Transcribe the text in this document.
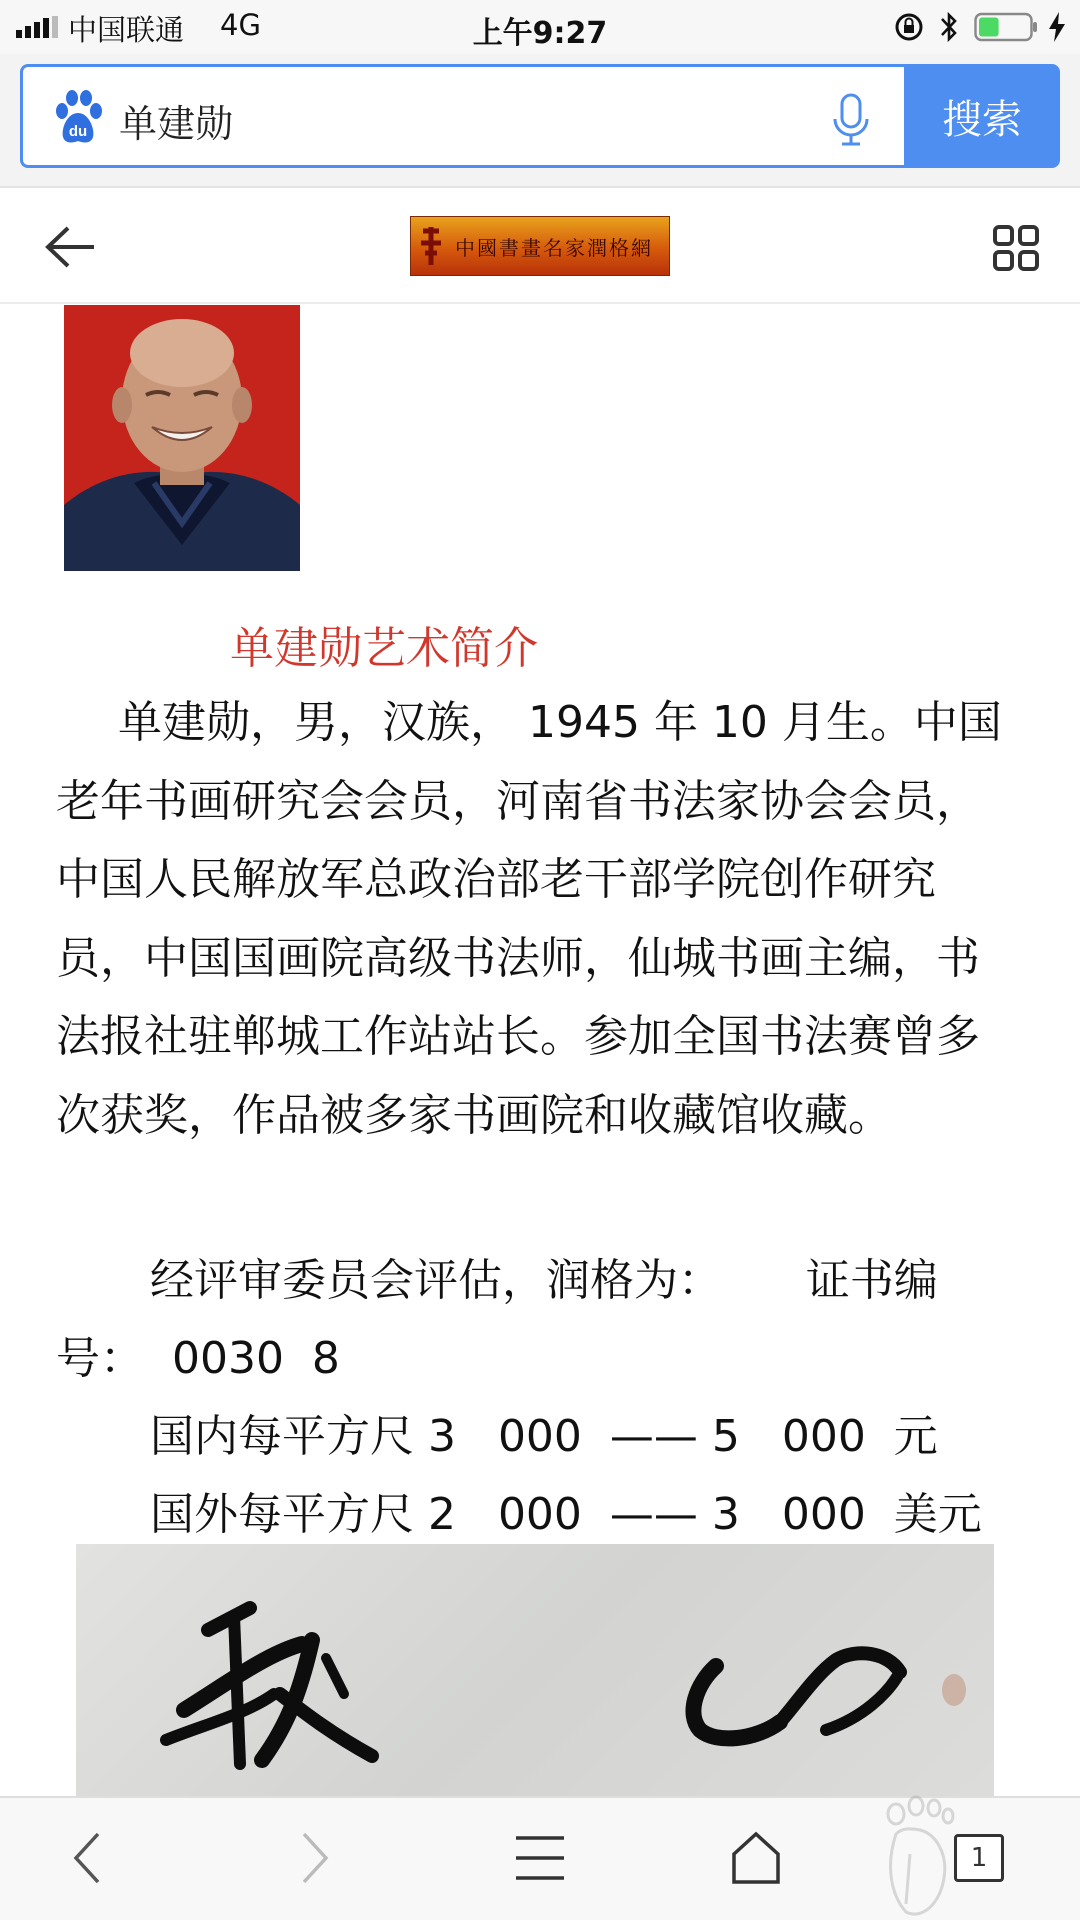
中国联通 4G	上午9:27
du 单建勋	搜索
中國書畫名家潤格網
单建勋艺术简介

单建勋，男，汉族， 1945 年 10 月生。中国老年书画研究会会员，河南省书法家协会会员，中国人民解放军总政治部老干部学院创作研究员，中国国画院高级书法师，仙城书画主编，书法报社驻郸城工作站站长。参加全国书法赛曾多次获奖，作品被多家书画院和收藏馆收藏。

经评审委员会评估，润格为：      证书编
号：  0030  8
国内每平方尺 3   000  —— 5   000  元
国外每平方尺 2   000  —— 3   000  美元
1
